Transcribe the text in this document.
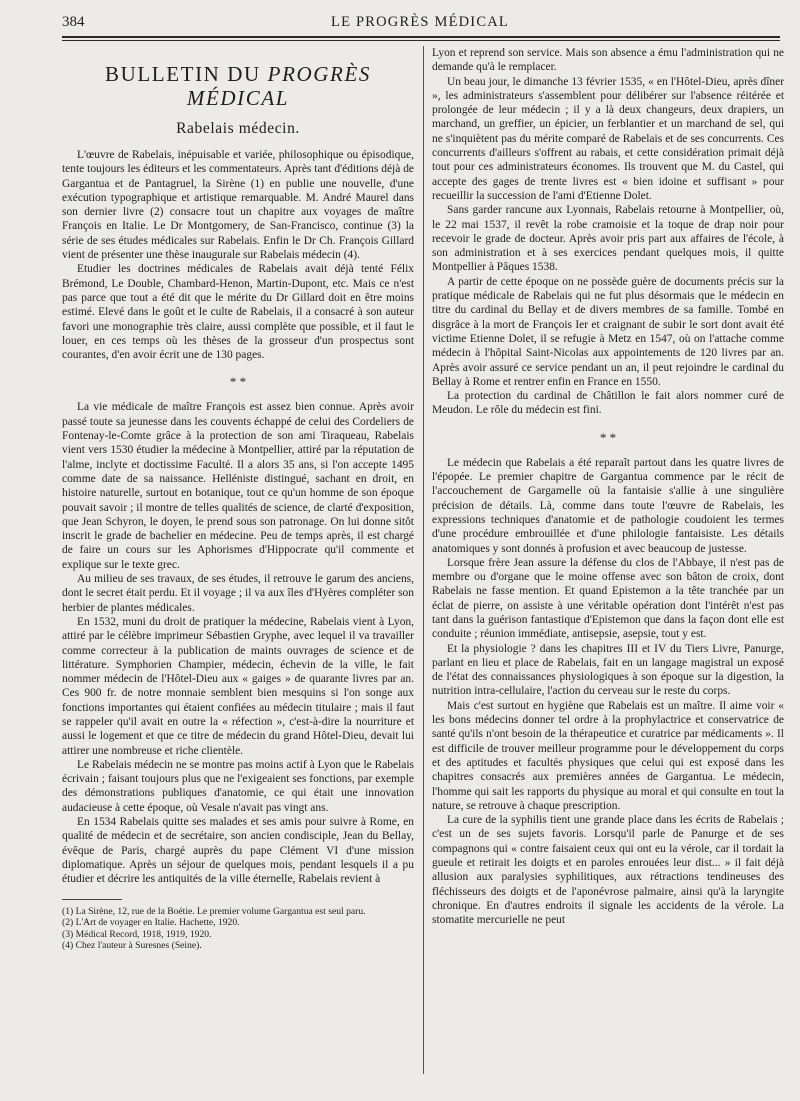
384	LE PROGRÈS MÉDICAL
BULLETIN DU PROGRÈS MÉDICAL
Rabelais médecin.

L'œuvre de Rabelais, inépuisable et variée, philosophique ou épisodique, tente toujours les éditeurs et les commentateurs. Après tant d'éditions déjà de Gargantua et de Pantagruel, la Sirène (1) en publie une nouvelle, d'une exécution typographique et artistique remarquable. M. André Maurel dans son dernier livre (2) consacre tout un chapitre aux voyages de maître François en Italie. Le Dr Montgomery, de San-Francisco, continue (3) la série de ses études médicales sur Rabelais. Enfin le Dr Ch. François Gillard vient de présenter une thèse inaugurale sur Rabelais médecin (4).

Etudier les doctrines médicales de Rabelais avait déjà tenté Félix Brémond, Le Double, Chambard-Henon, Martin-Dupont, etc. Mais ce n'est pas parce que tout a été dit que le mérite du Dr Gillard doit en être moins estimé. Elevé dans le goût et le culte de Rabelais, il a consacré à son auteur favori une monographie très claire, aussi complète que possible, et il faut le louer, en ces temps où les thèses de la grosseur d'un prospectus sont courantes, d'en avoir écrit une de 130 pages.

* *

La vie médicale de maître François est assez bien connue. Après avoir passé toute sa jeunesse dans les couvents échappé de celui des Cordeliers de Fontenay-le-Comte grâce à la protection de son ami Tiraqueau, Rabelais vient vers 1530 étudier la médecine à Montpellier, attiré par la réputation de l'alme, inclyte et doctissime Faculté. Il a alors 35 ans, si l'on accepte 1495 comme date de sa naissance. Helléniste distingué, sachant en droit, en histoire naturelle, surtout en botanique, tout ce qu'un homme de son époque pouvait savoir ; il montre de telles qualités de science, de clarté d'exposition, que Jean Schyron, le doyen, le prend sous son patronage. On lui donne sitôt inscrit le grade de bachelier en médecine. Peu de temps après, il est chargé de faire un cours sur les Aphorismes d'Hippocrate qu'il commente et explique sur le texte grec.

Au milieu de ses travaux, de ses études, il retrouve le garum des anciens, dont le secret était perdu. Et il voyage ; il va aux îles d'Hyères compléter son herbier de plantes médicales.

En 1532, muni du droit de pratiquer la médecine, Rabelais vient à Lyon, attiré par le célèbre imprimeur Sébastien Gryphe, avec lequel il va travailler comme correcteur à la publication de maints ouvrages de science et de littérature. Symphorien Champier, médecin, échevin de la ville, le fait nommer médecin de l'Hôtel-Dieu aux « gaiges » de quarante livres par an. Ces 900 fr. de notre monnaie semblent bien mesquins si l'on songe aux fonctions importantes qui étaient confiées au médecin titulaire ; mais il faut se rappeler qu'il avait en outre la « réfection », c'est-à-dire la nourriture et aussi le logement et que ce titre de médecin du grand Hôtel-Dieu, devait lui attirer une nombreuse et riche clientèle.

Le Rabelais médecin ne se montre pas moins actif à Lyon que le Rabelais écrivain ; faisant toujours plus que ne l'exigeaient ses fonctions, par exemple des démonstrations publiques d'anatomie, ce qui était une innovation audacieuse à cette époque, où Vesale n'avait pas vingt ans.

En 1534 Rabelais quitte ses malades et ses amis pour suivre à Rome, en qualité de médecin et de secrétaire, son ancien condisciple, Jean du Bellay, évêque de Paris, chargé auprès du pape Clément VI d'une mission diplomatique. Après un séjour de quelques mois, pendant lesquels il a pu étudier et décrire les antiquités de la ville éternelle, Rabelais revient à

(1) La Sirène, 12, rue de la Boétie. Le premier volume Gargantua est seul paru.

(2) L'Art de voyager en Italie. Hachette, 1920.

(3) Médical Record, 1918, 1919, 1920.

(4) Chez l'auteur à Suresnes (Seine).

Lyon et reprend son service. Mais son absence a ému l'administration qui ne demande qu'à le remplacer.

Un beau jour, le dimanche 13 février 1535, « en l'Hôtel-Dieu, après dîner », les administrateurs s'assemblent pour délibérer sur l'absence réitérée et prolongée de leur médecin ; il y a là deux changeurs, deux drapiers, un marchand, un greffier, un épicier, un ferblantier et un marchand de sel, qui ne s'inquiètent pas du mérite comparé de Rabelais et de ses concurrents. Ces concurrents d'ailleurs s'offrent au rabais, et cette considération primait déjà tout pour ces administrateurs économes. Ils trouvent que M. du Castel, qui accepte des gages de trente livres est « bien idoine et suffisant » pour recueillir la succession de l'ami d'Etienne Dolet.

Sans garder rancune aux Lyonnais, Rabelais retourne à Montpellier, où, le 22 mai 1537, il revêt la robe cramoisie et la toque de drap noir pour recevoir le grade de docteur. Après avoir pris part aux affaires de l'école, à son administration et à ses exercices pendant quelques mois, il quitte Montpellier à Pâques 1538.

A partir de cette époque on ne possède guère de documents précis sur la pratique médicale de Rabelais qui ne fut plus désormais que le médecin en titre du cardinal du Bellay et de divers membres de sa famille. Tombé en disgrâce à la mort de François Ier et craignant de subir le sort dont avait été victime Etienne Dolet, il se refugie à Metz en 1547, où on l'attache comme médecin à l'hôpital Saint-Nicolas aux appointements de 120 livres par an. Après avoir assuré ce service pendant un an, il peut rejoindre le cardinal du Bellay à Rome et rentrer enfin en France en 1550.

La protection du cardinal de Châtillon le fait alors nommer curé de Meudon. Le rôle du médecin est fini.

* *

Le médecin que Rabelais a été reparaît partout dans les quatre livres de l'épopée. Le premier chapitre de Gargantua commence par le récit de l'accouchement de Gargamelle où la fantaisie s'allie à une singulière précision de détails. Là, comme dans toute l'œuvre de Rabelais, les expressions techniques d'anatomie et de pathologie coudoient les termes d'une procédure embrouillée et d'une philologie fantaisiste. Les détails anatomiques y sont donnés à profusion et avec beaucoup de justesse.

Lorsque frère Jean assure la défense du clos de l'Abbaye, il n'est pas de membre ou d'organe que le moine offense avec son bâton de croix, dont Rabelais ne fasse mention. Et quand Epistemon a la tête tranchée par un éclat de pierre, on assiste à une véritable opération dont l'intérêt n'est pas tant dans la guérison fantastique d'Epistemon que dans la façon dont elle est conduite ; réunion immédiate, antisepsie, asepsie, tout y est.

Et la physiologie ? dans les chapitres III et IV du Tiers Livre, Panurge, parlant en lieu et place de Rabelais, fait en un langage magistral un exposé de l'état des connaissances physiologiques à son époque sur la digestion, la nutrition intra-cellulaire, l'action du cerveau sur le reste du corps.

Mais c'est surtout en hygiène que Rabelais est un maître. Il aime voir « les bons médecins donner tel ordre à la prophylactrice et conservatrice de santé qu'ils n'ont besoin de la thérapeutice et curatrice par médicaments ». Il est difficile de trouver meilleur programme pour le développement du corps et des aptitudes et facultés physiques que celui qui est exposé dans les chapitres consacrés aux premières années de Gargantua. Le médecin, l'homme qui sait les rapports du physique au moral et qui consulte en tout la nature, se retrouve à chaque prescription.

La cure de la syphilis tient une grande place dans les écrits de Rabelais ; c'est un de ses sujets favoris. Lorsqu'il parle de Panurge et de ses compagnons qui « contre faisaient ceux qui ont eu la vérole, car il tordait la gueule et retirait les doigts et en paroles enrouées leur dist... » il fait déjà allusion aux paralysies syphilitiques, aux rétractions tendineuses des fléchisseurs des doigts et de l'aponévrose palmaire, ainsi qu'à la laryngite chronique. En d'autres endroits il signale les accidents de la vérole. La stomatite mercurielle ne peut
